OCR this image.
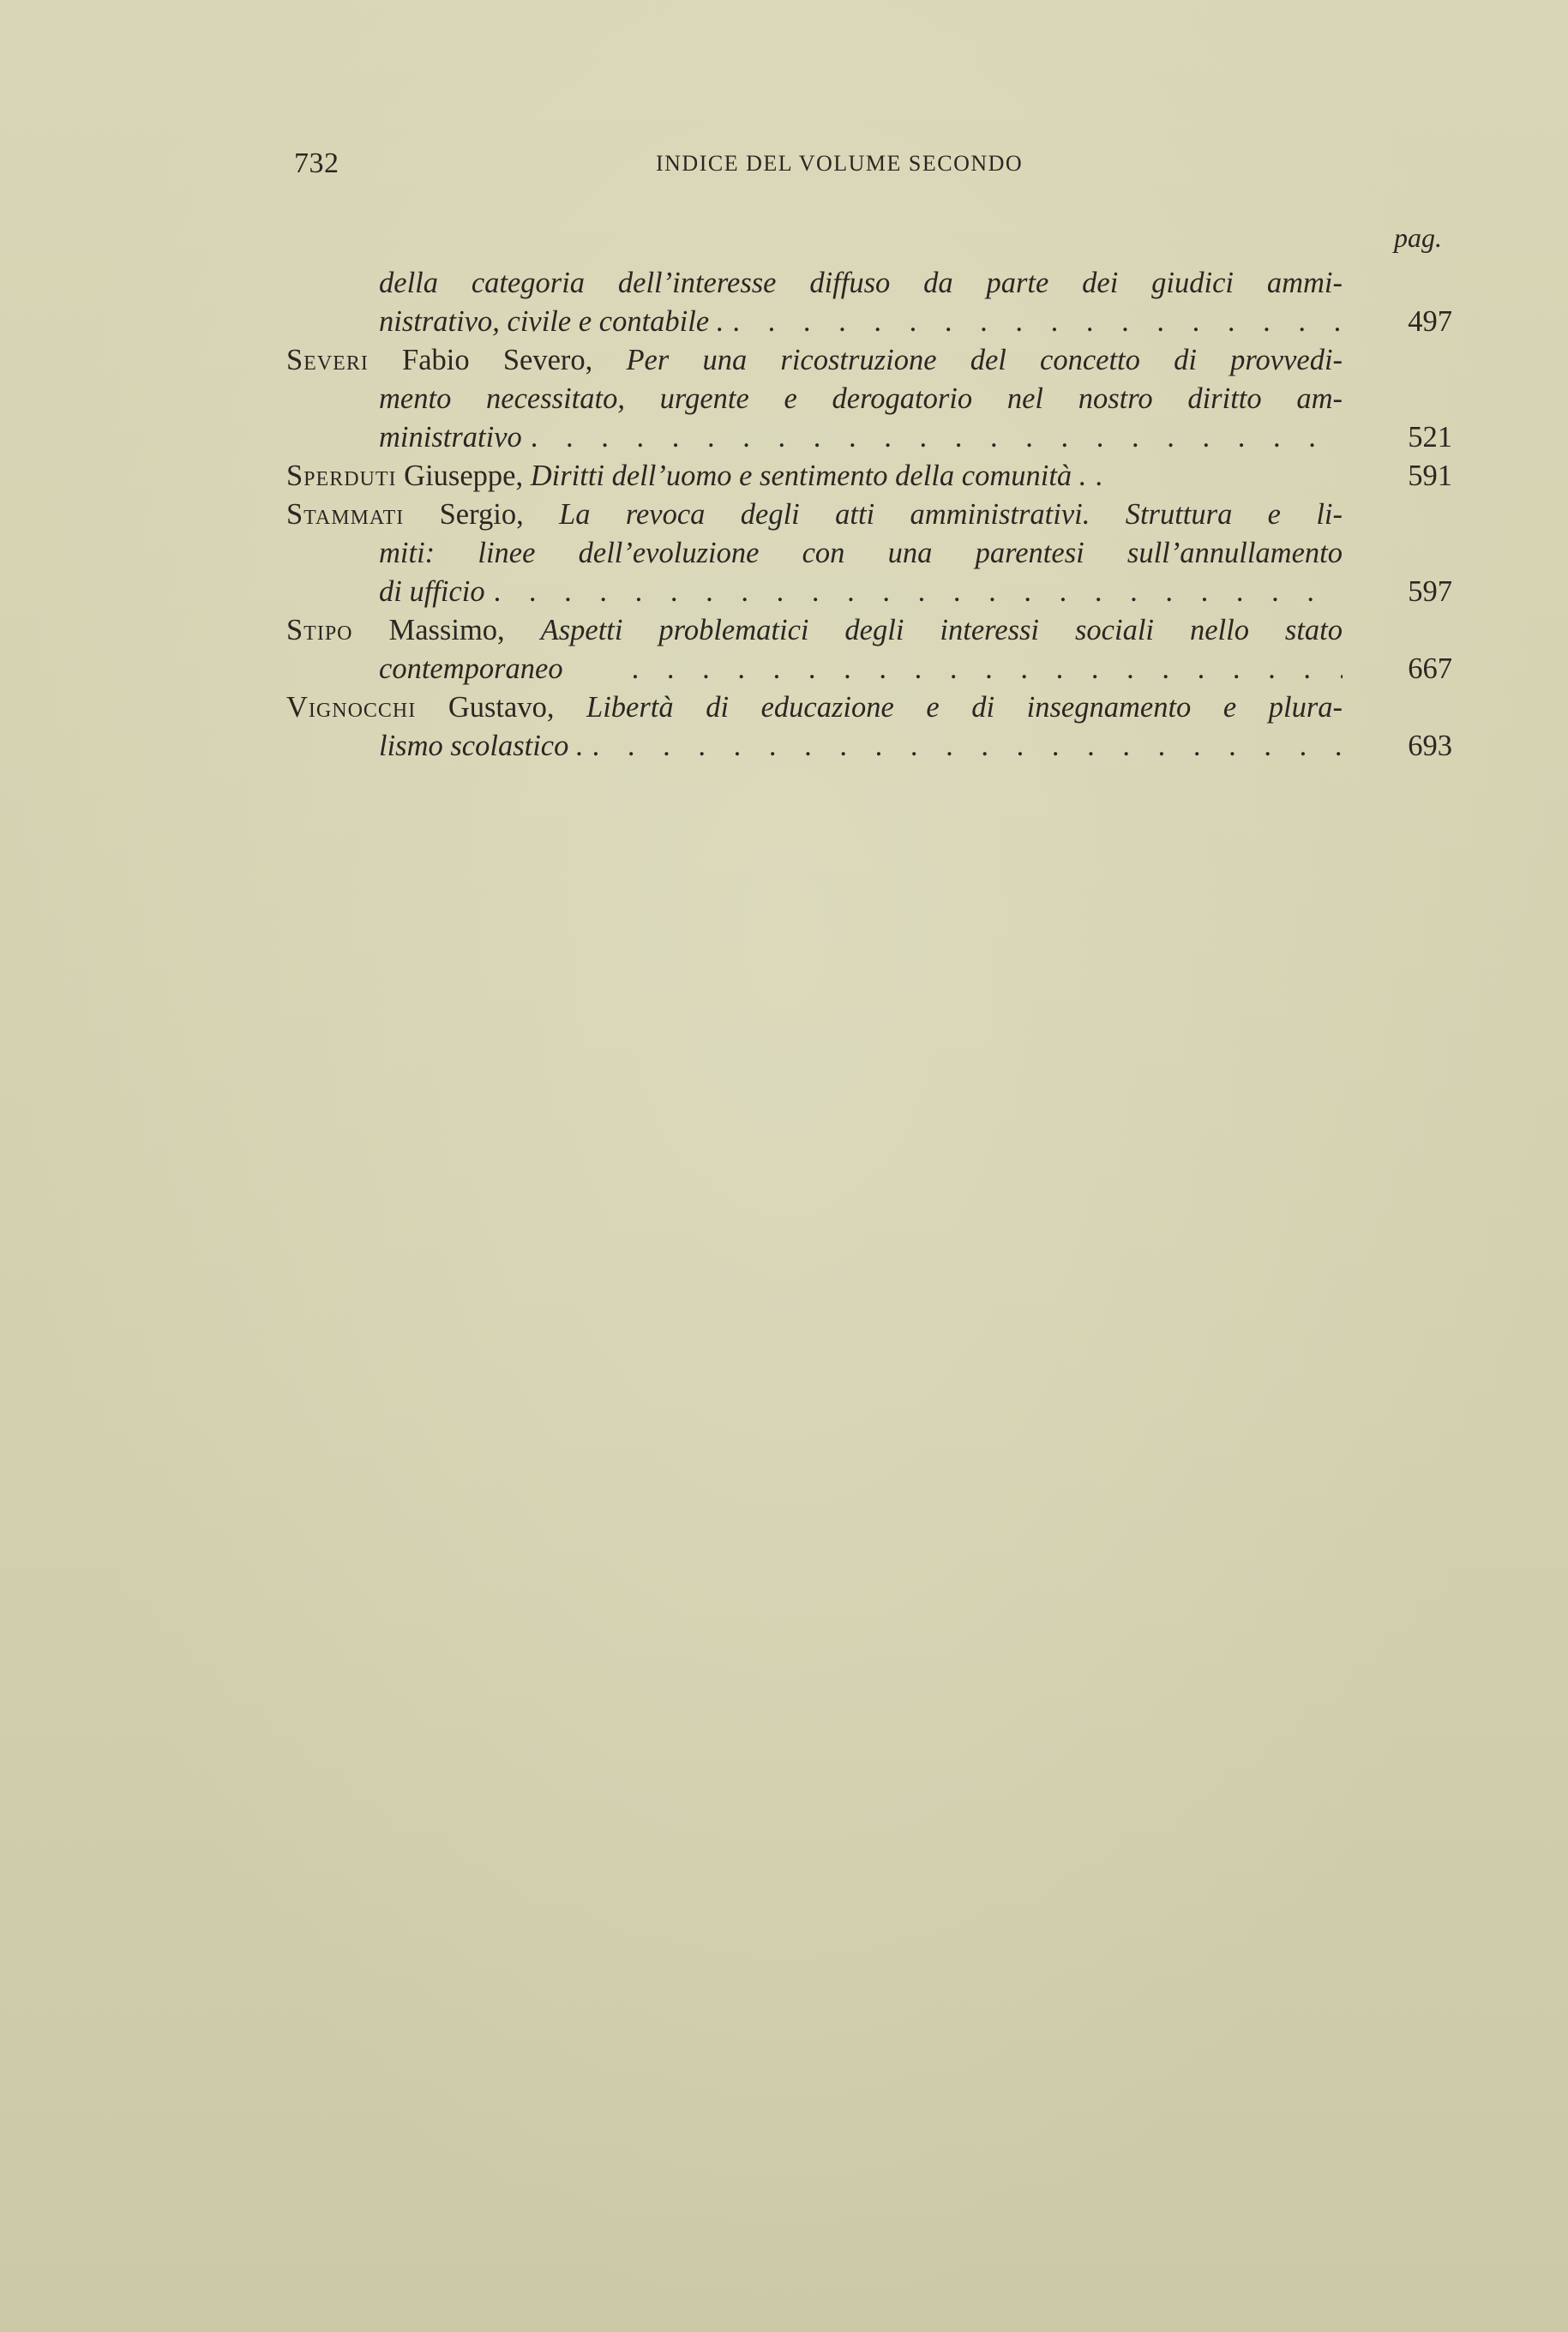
732	INDICE DEL VOLUME SECONDO
pag.
della categoria dell’interesse diffuso da parte dei giudici ammi-
nistrativo, civile e contabile . . . .	497
Severi Fabio Severo, Per una ricostruzione del concetto di provvedi-
mento necessitato, urgente e derogatorio nel nostro diritto am-
ministrativo . . .	521
Sperduti Giuseppe, Diritti dell’uomo e sentimento della comunità . . . .	591
Stammati Sergio, La revoca degli atti amministrativi. Struttura e li-
miti: linee dell’evoluzione con una parentesi sull’annullamento
di ufficio . . .	597
Stipo Massimo, Aspetti problematici degli interessi sociali nello stato
contemporaneo . . .	667
Vignocchi Gustavo, Libertà di educazione e di insegnamento e plura-
lismo scolastico . . . .	693
